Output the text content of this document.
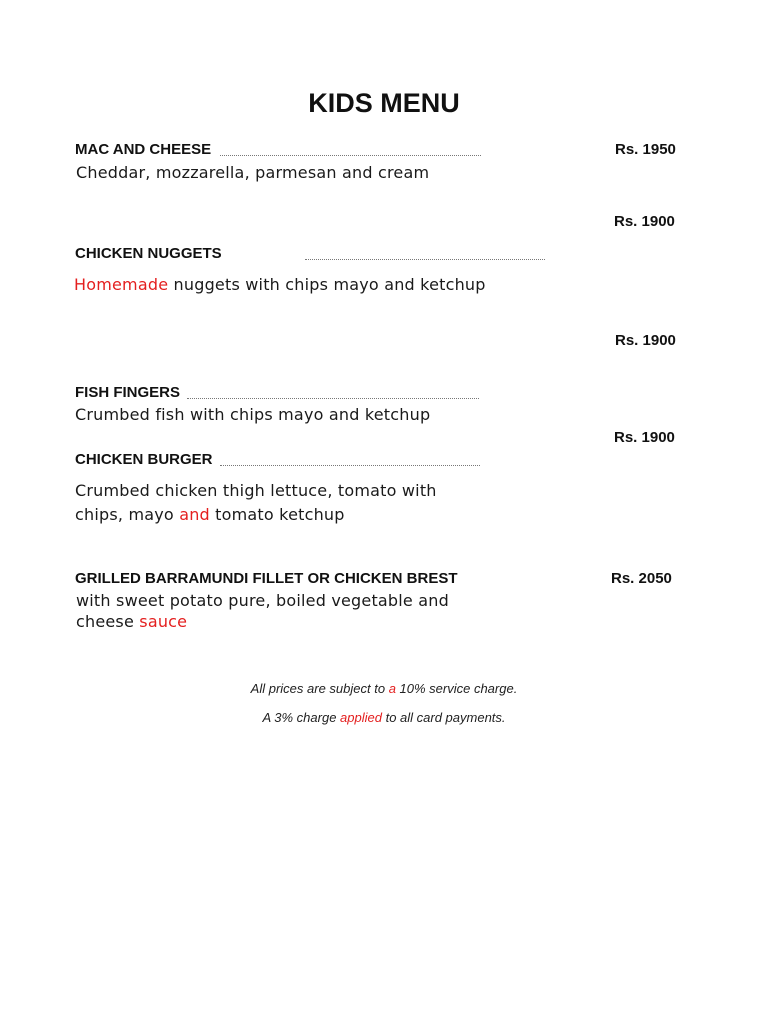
KIDS MENU
MAC AND CHEESE	Rs. 1950
Cheddar, mozzarella, parmesan and cream
Rs. 1900
CHICKEN NUGGETS
Homemade nuggets with chips mayo and ketchup
Rs. 1900
FISH FINGERS
Crumbed fish with chips mayo and ketchup
Rs. 1900
CHICKEN BURGER
Crumbed chicken thigh lettuce, tomato with
chips, mayo and tomato ketchup
GRILLED BARRAMUNDI FILLET OR CHICKEN BREST	Rs. 2050
with sweet potato pure, boiled vegetable and
cheese sauce
All prices are subject to a 10% service charge.
A 3% charge applied to all card payments.
